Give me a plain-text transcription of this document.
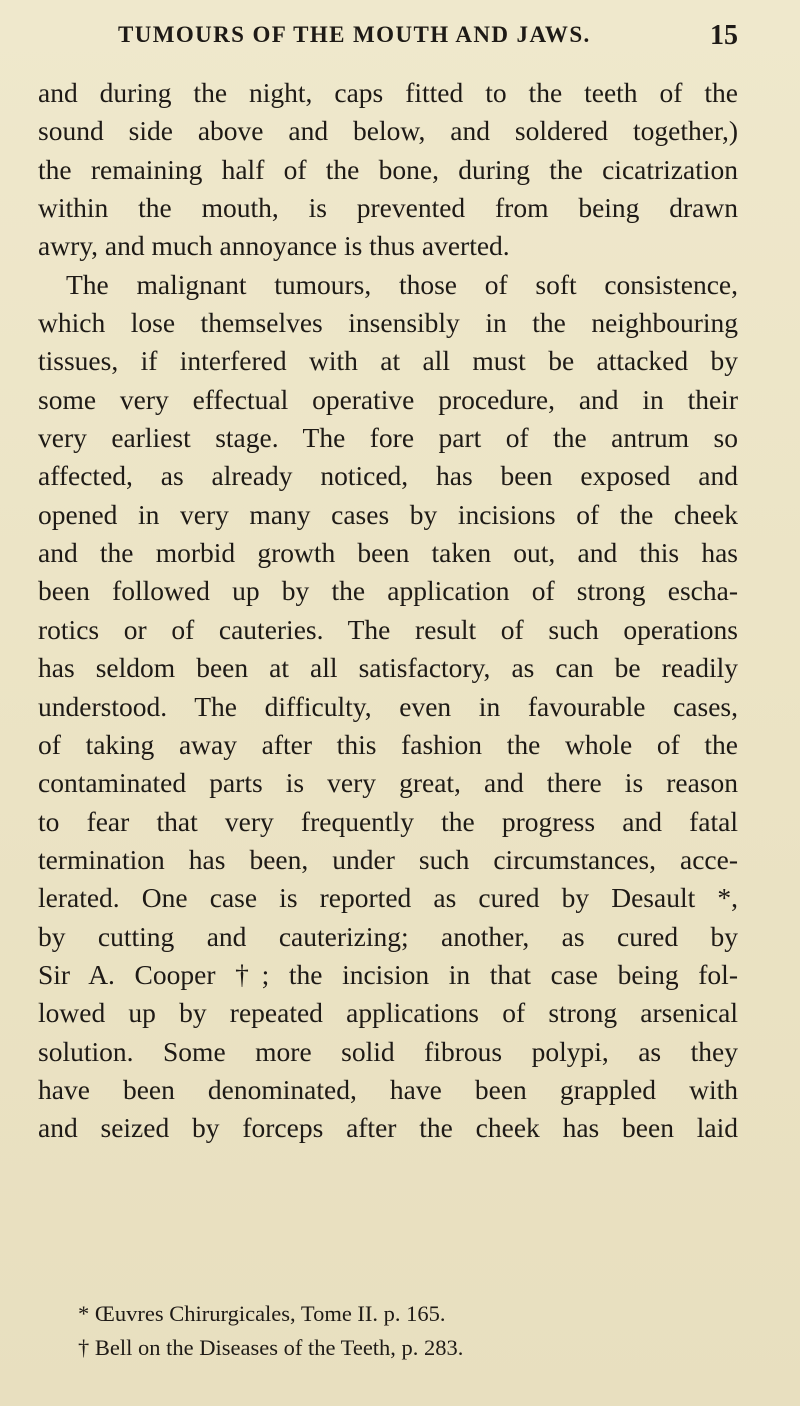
TUMOURS OF THE MOUTH AND JAWS.	15
and during the night, caps fitted to the teeth of the
sound side above and below, and soldered together,)
the remaining half of the bone, during the cicatrization
within the mouth, is prevented from being drawn
awry, and much annoyance is thus averted.
The malignant tumours, those of soft consistence,
which lose themselves insensibly in the neighbouring
tissues, if interfered with at all must be attacked by
some very effectual operative procedure, and in their
very earliest stage. The fore part of the antrum so
affected, as already noticed, has been exposed and
opened in very many cases by incisions of the cheek
and the morbid growth been taken out, and this has
been followed up by the application of strong escha-
rotics or of cauteries. The result of such operations
has seldom been at all satisfactory, as can be readily
understood. The difficulty, even in favourable cases,
of taking away after this fashion the whole of the
contaminated parts is very great, and there is reason
to fear that very frequently the progress and fatal
termination has been, under such circumstances, acce-
lerated. One case is reported as cured by Desault *,
by cutting and cauterizing; another, as cured by
Sir A. Cooper †; the incision in that case being fol-
lowed up by repeated applications of strong arsenical
solution. Some more solid fibrous polypi, as they
have been denominated, have been grappled with
and seized by forceps after the cheek has been laid
* Œuvres Chirurgicales, Tome II. p. 165.
† Bell on the Diseases of the Teeth, p. 283.
